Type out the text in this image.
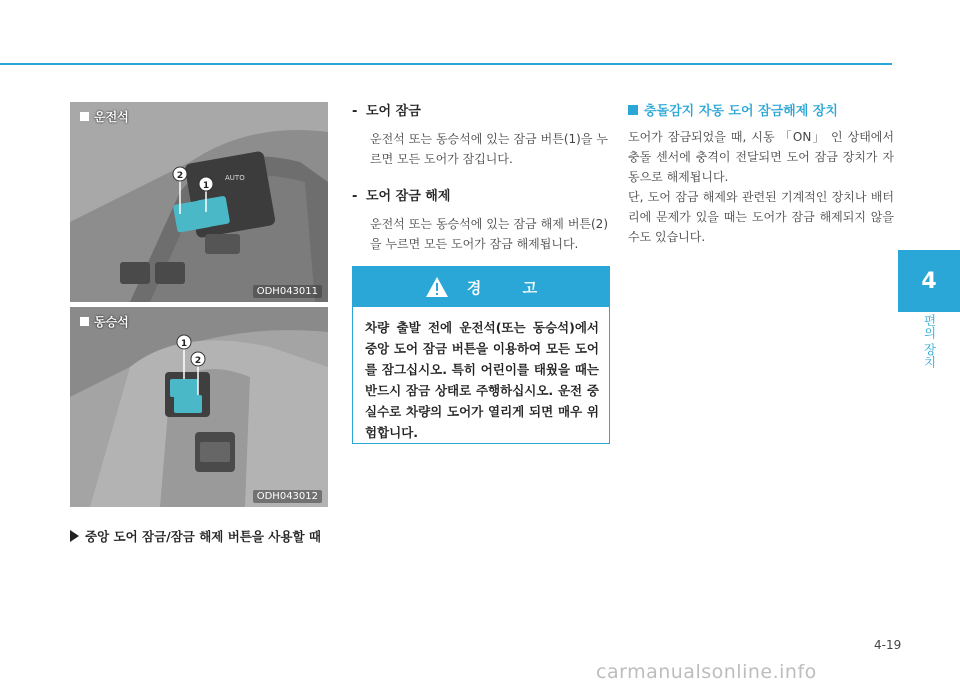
AUTO
2
1
운전석
ODH043011
1
2
동승석
ODH043012
중앙 도어 잠금/잠금 해제 버튼을 사용할 때
- 도어 잠금
운전석 또는 동승석에 있는 잠금 버튼(1)을 누르면 모든 도어가 잠깁니다.
- 도어 잠금 해제
운전석 또는 동승석에 있는 잠금 해제 버튼(2)을 누르면 모든 도어가 잠금 해제됩니다.
경 고
차량 출발 전에 운전석(또는 동승석)에서 중앙 도어 잠금 버튼을 이용하여 모든 도어를 잠그십시오. 특히 어린이를 태웠을 때는 반드시 잠금 상태로 주행하십시오. 운전 중 실수로 차량의 도어가 열리게 되면 매우 위험합니다.
충돌감지 자동 도어 잠금해제 장치

도어가 잠금되었을 때, 시동 「ON」 인 상태에서 충돌 센서에 충격이 전달되면 도어 잠금 장치가 자동으로 해제됩니다.

단, 도어 잠금 해제와 관련된 기계적인 장치나 배터리에 문제가 있을 때는 도어가 잠금 해제되지 않을 수도 있습니다.

4
편의 장치
4-19
carmanualsonline.info
